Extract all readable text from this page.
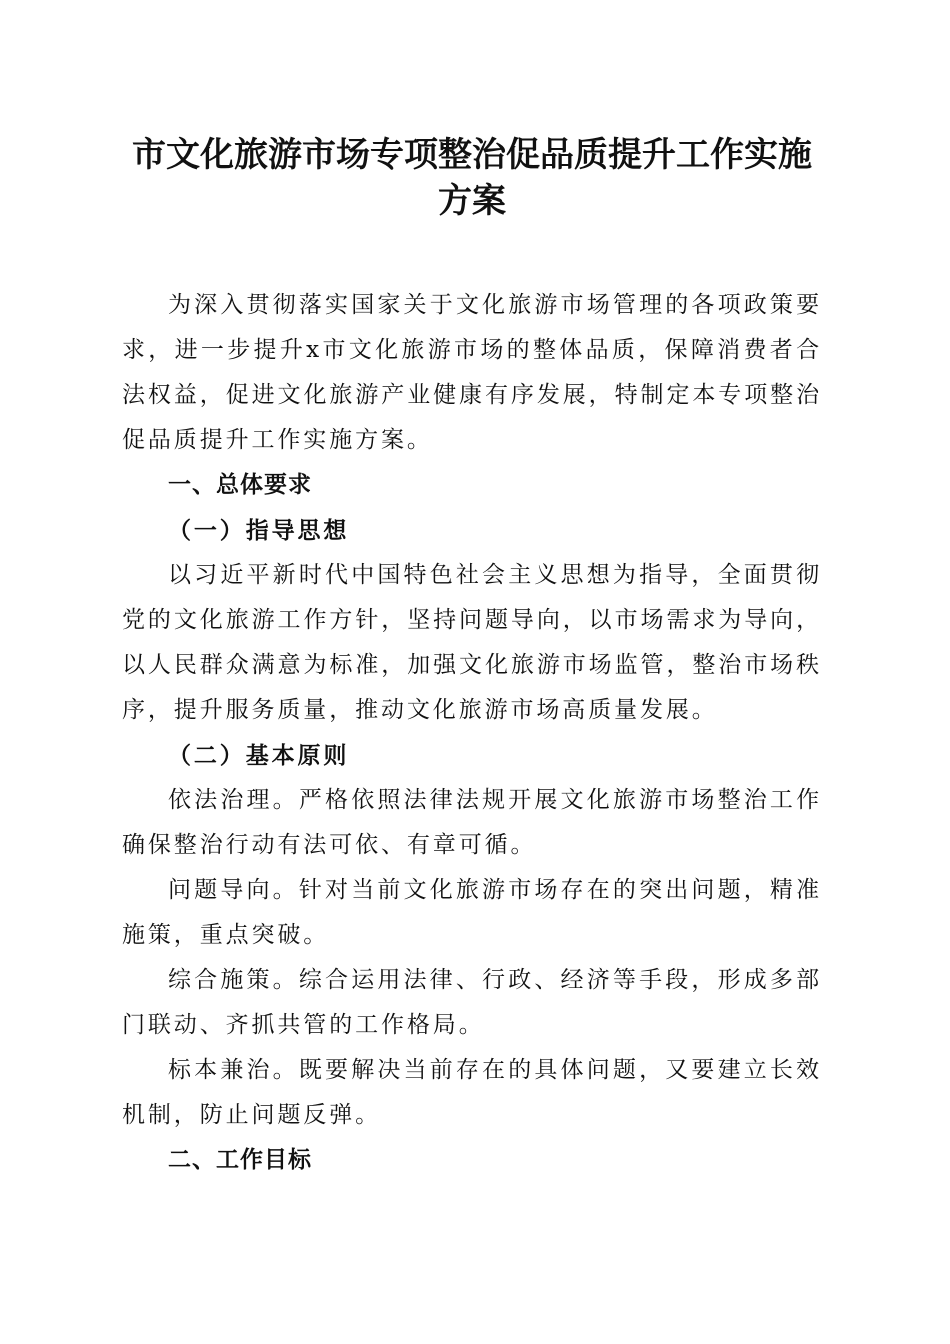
市文化旅游市场专项整治促品质提升工作实施
方案

为深入贯彻落实国家关于文化旅游市场管理的各项政策要求，进一步提升x市文化旅游市场的整体品质，保障消费者合法权益，促进文化旅游产业健康有序发展，特制定本专项整治促品质提升工作实施方案。

一、总体要求

（一）指导思想

以习近平新时代中国特色社会主义思想为指导，全面贯彻党的文化旅游工作方针，坚持问题导向，以市场需求为导向，以人民群众满意为标准，加强文化旅游市场监管，整治市场秩序，提升服务质量，推动文化旅游市场高质量发展。

（二）基本原则

依法治理。严格依照法律法规开展文化旅游市场整治工作确保整治行动有法可依、有章可循。

问题导向。针对当前文化旅游市场存在的突出问题，精准施策，重点突破。

综合施策。综合运用法律、行政、经济等手段，形成多部门联动、齐抓共管的工作格局。

标本兼治。既要解决当前存在的具体问题，又要建立长效机制，防止问题反弹。

二、工作目标
